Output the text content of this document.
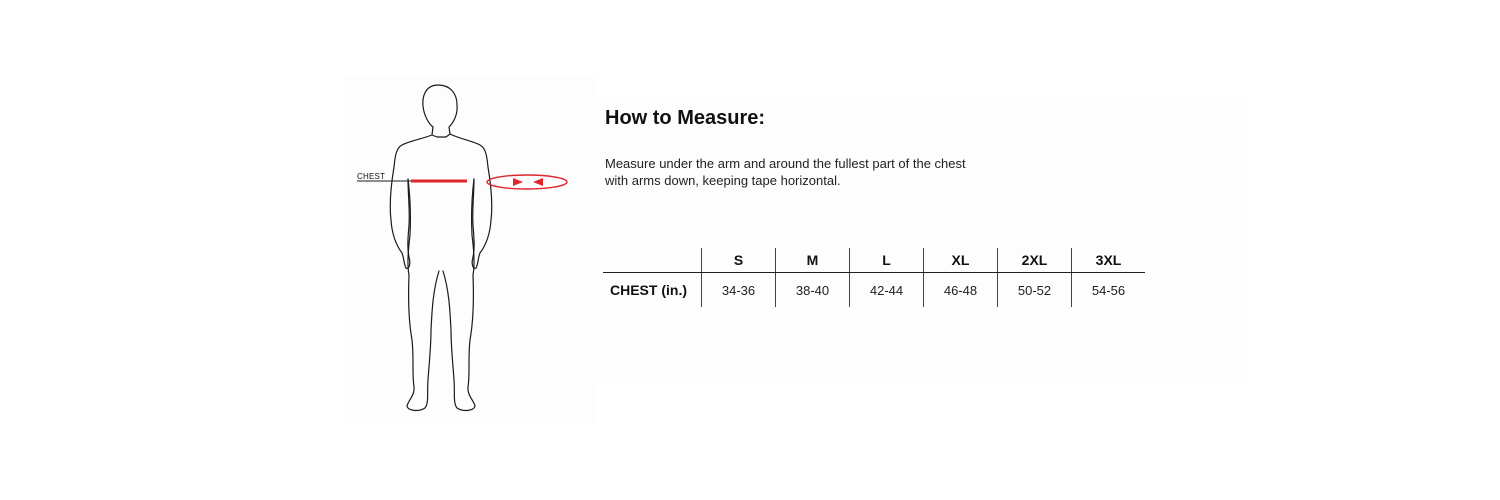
CHEST
How to Measure:
Measure under the arm and around the fullest part of the chest
with arms down, keeping tape horizontal.
	S	M	L	XL	2XL	3XL
CHEST (in.)	34-36	38-40	42-44	46-48	50-52	54-56
